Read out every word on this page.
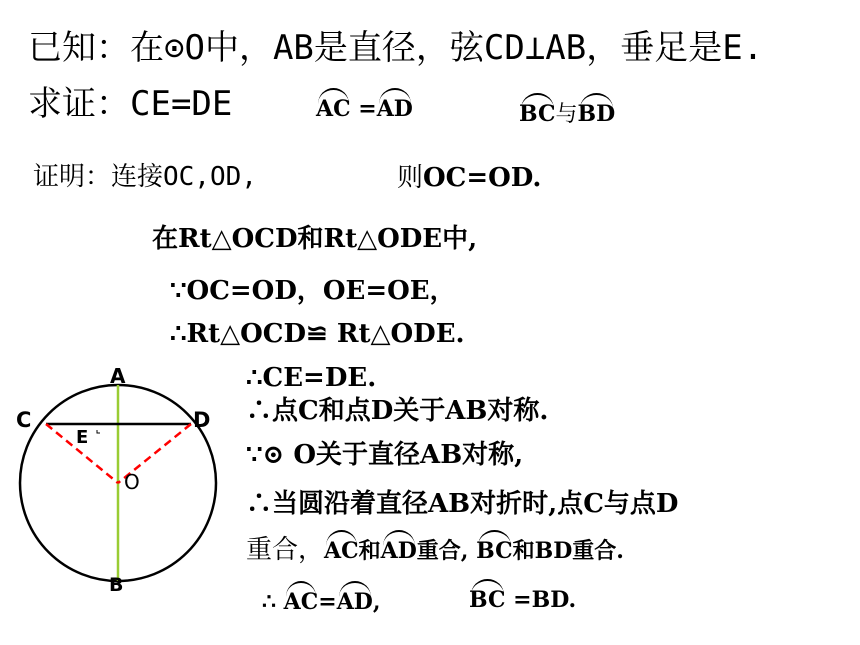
已知：在⊙O中，AB是直径，弦CD⊥AB，垂足是E.
求证：CE=DE	AC =AD	BC与BD
证明：连接OC,OD,	则OC=OD.
在Rt△OCD和Rt△ODE中,
∵OC=OD，OE=OE，
∴Rt△OCD≌ Rt△ODE.
∴CE=DE.
∴点C和点D关于AB对称.
∵⊙ O关于直径AB对称,
∴当圆沿着直径AB对折时,点C与点D
重合，AC和AD重合, BC和BD重合.
∴ AC=AD,	BC =BD.
A
B
C	D
E
O
